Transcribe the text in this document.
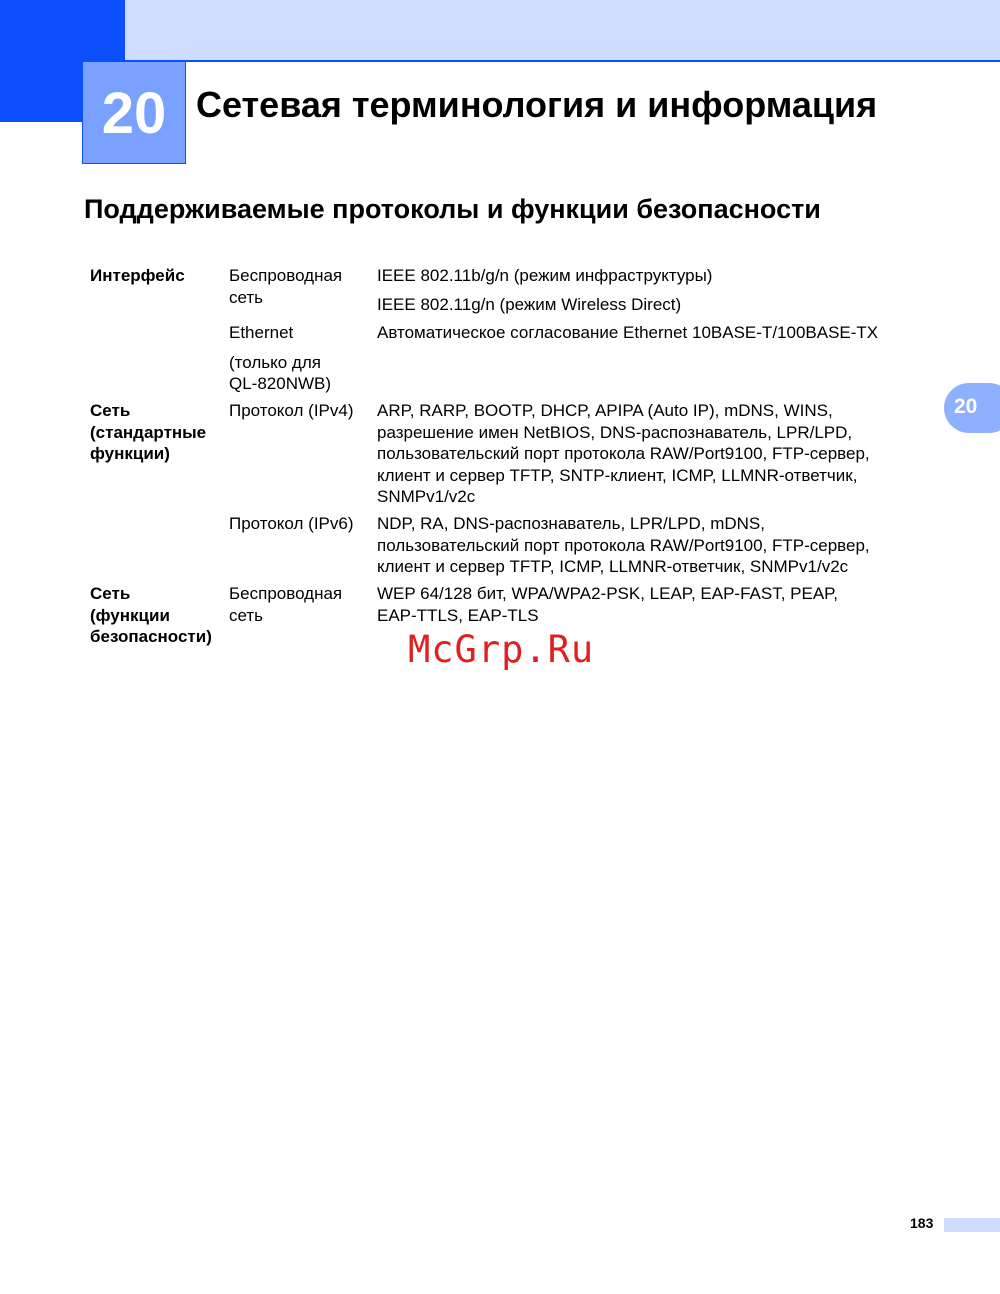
20 Сетевая терминология и информация
Поддерживаемые протоколы и функции безопасности
20
Интерфейс	Беспроводная
сеть
IEEE 802.11b/g/n (режим инфраструктуры)
IEEE 802.11g/n (режим Wireless Direct)
Ethernet	Автоматическое согласование Ethernet 10BASE-T/100BASE-TX
(только для
QL-820NWB)
Сеть
(стандартные
функции)
Протокол (IPv4) ARP, RARP, BOOTP, DHCP, APIPA (Auto IP), mDNS, WINS,
разрешение имен NetBIOS, DNS-распознаватель, LPR/LPD,
пользовательский порт протокола RAW/Port9100, FTP-сервер,
клиент и сервер TFTP, SNTP-клиент, ICMP, LLMNR-ответчик,
SNMPv1/v2c
Протокол (IPv6) NDP, RA, DNS-распознаватель, LPR/LPD, mDNS,
пользовательский порт протокола RAW/Port9100, FTP-сервер,
клиент и сервер TFTP, ICMP, LLMNR-ответчик, SNMPv1/v2c
Сеть
(функции
безопасности)
Беспроводная
сеть
WEP 64/128 бит, WPA/WPA2-PSK, LEAP, EAP-FAST, PEAP,
EAP-TTLS, EAP-TLS
McGrp.Ru
183
